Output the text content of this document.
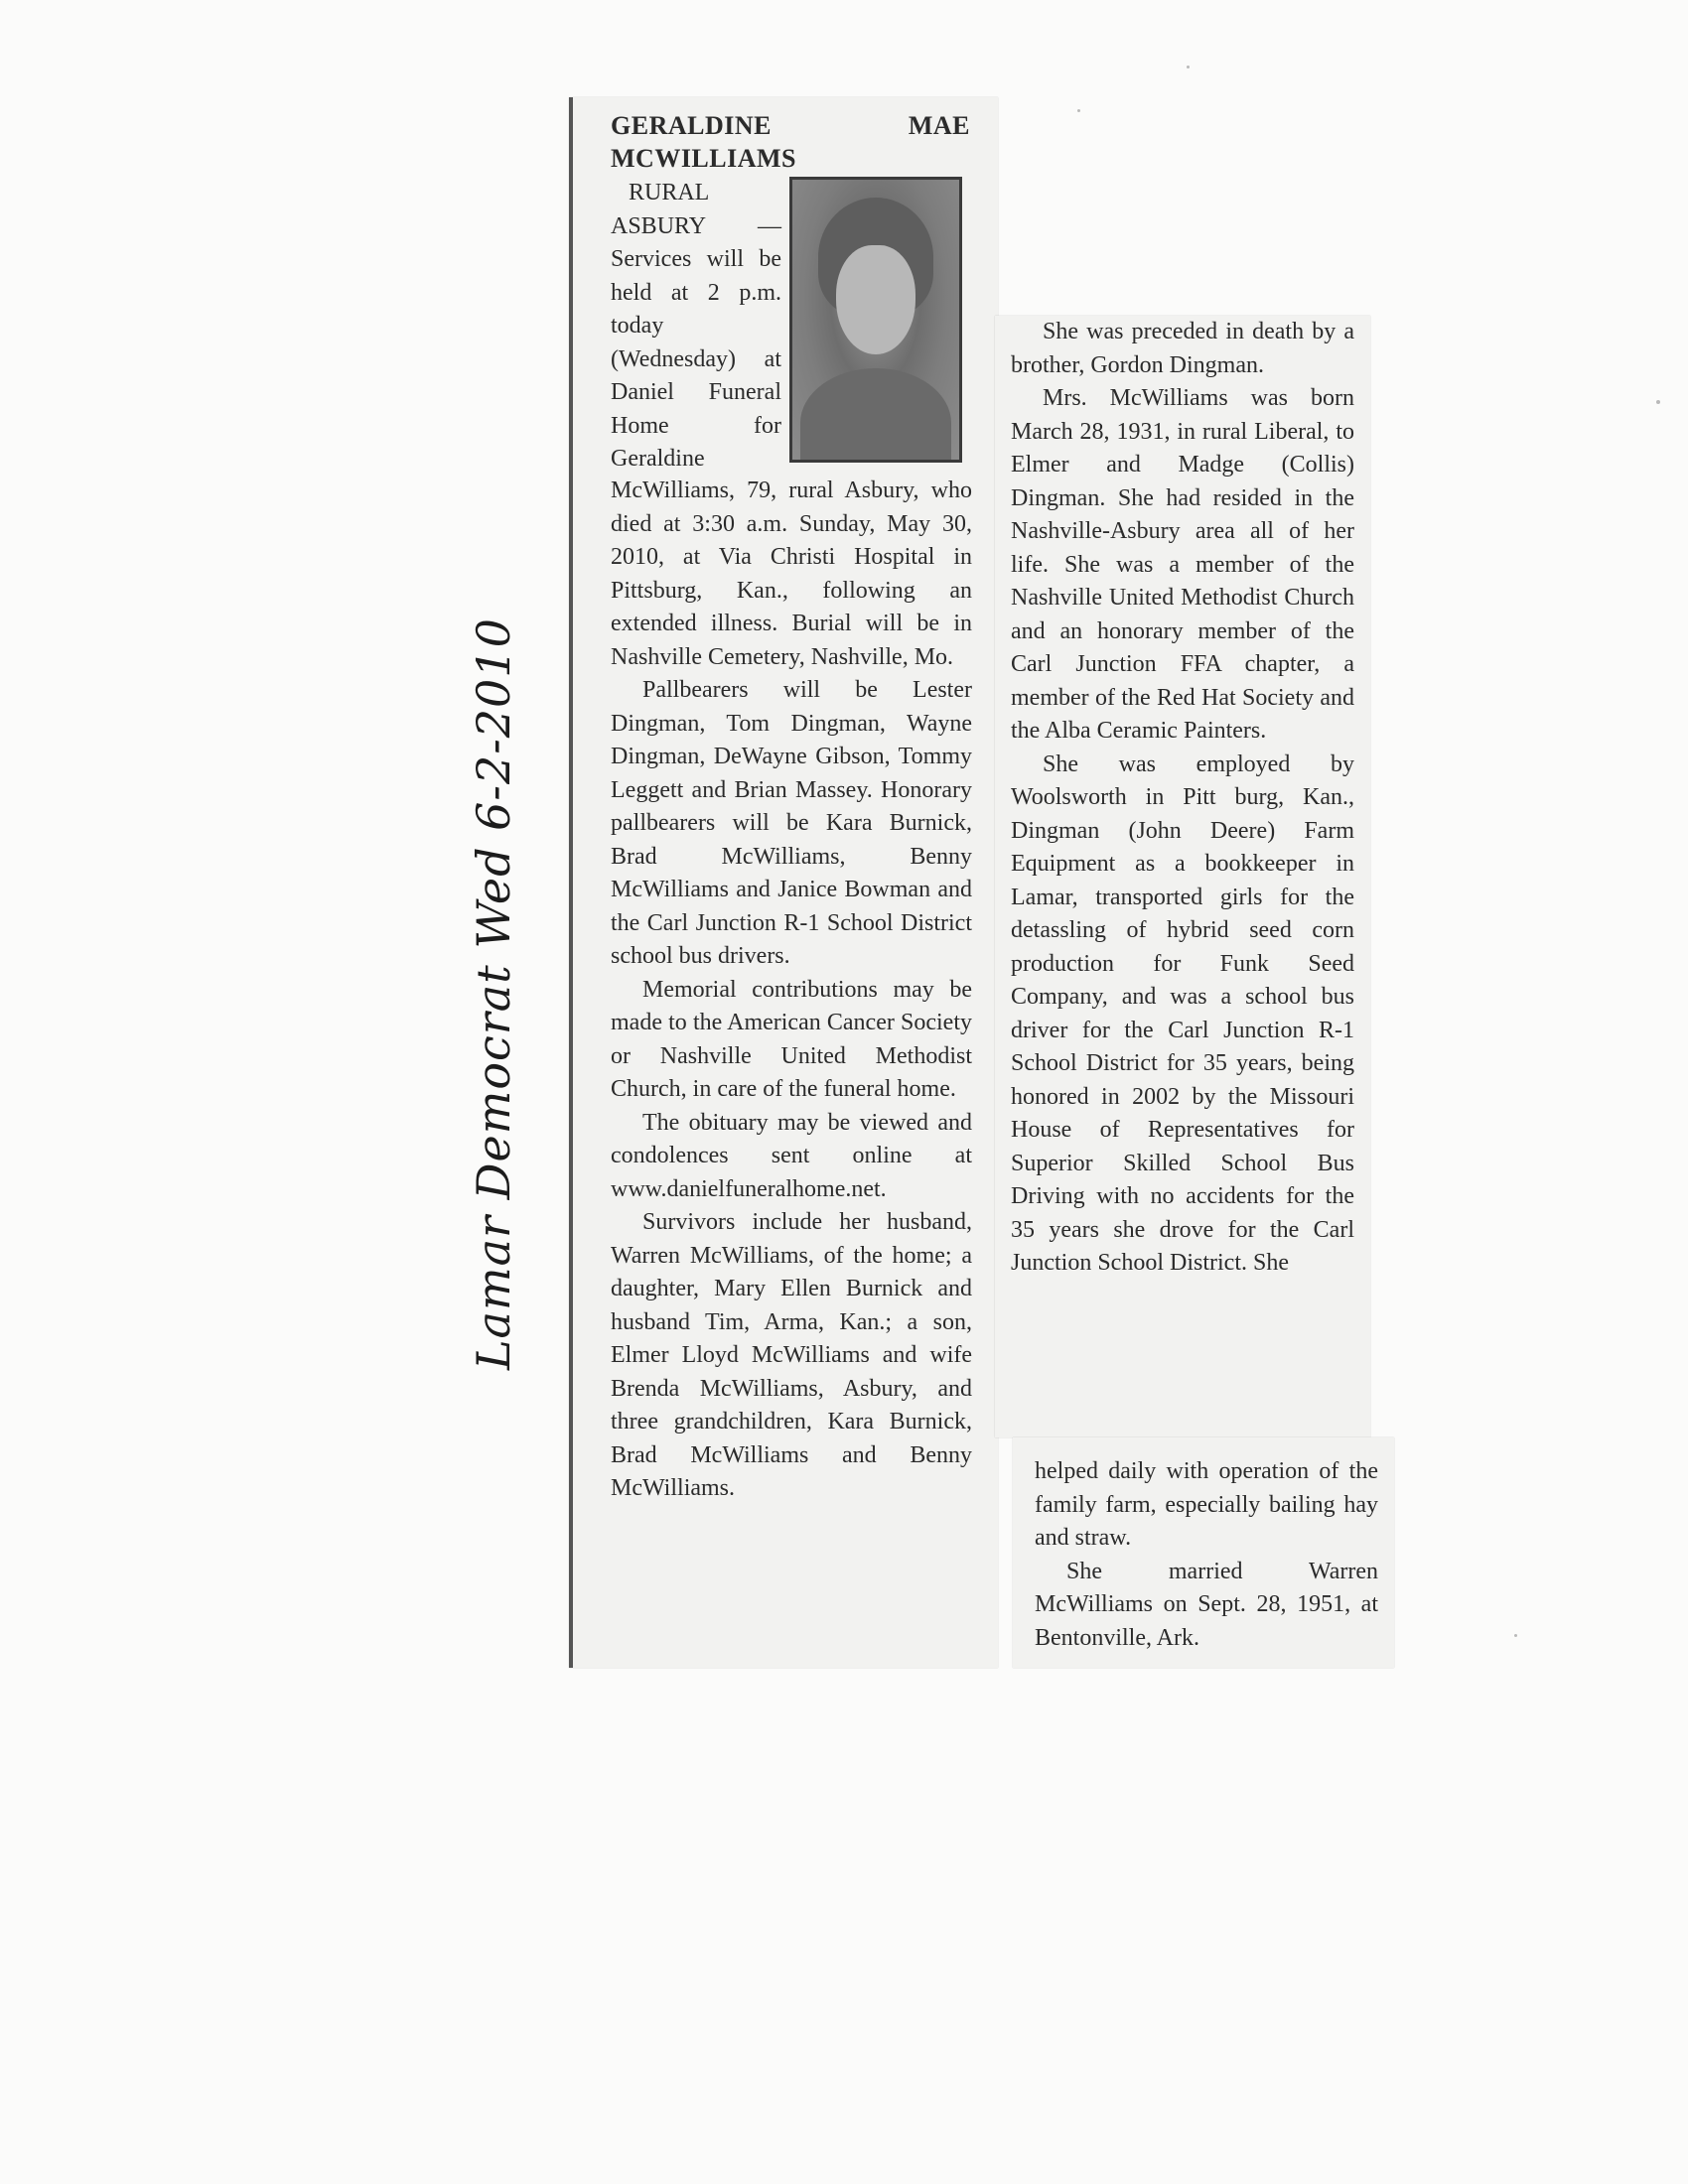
Lamar Democrat Wed 6-2-2010
GERALDINE	MAE
MCWILLIAMS

RURAL ASBURY — Services will be held at 2 p.m. today (Wednesday) at Daniel Funeral Home for Geraldine

McWilliams, 79, rural Asbury, who died at 3:30 a.m. Sunday, May 30, 2010, at Via Christi Hospital in Pittsburg, Kan., following an extended illness. Burial will be in Nashville Cemetery, Nashville, Mo.

Pallbearers will be Lester Dingman, Tom Dingman, Wayne Dingman, DeWayne Gibson, Tommy Leggett and Brian Massey. Honorary pallbearers will be Kara Burnick, Brad McWilliams, Benny McWilliams and Janice Bowman and the Carl Junction R-1 School District school bus drivers.

Memorial contributions may be made to the American Cancer Society or Nashville United Methodist Church, in care of the funeral home.

The obituary may be viewed and condolences sent online at www.danielfuneralhome.net.

Survivors include her husband, Warren McWilliams, of the home; a daughter, Mary Ellen Burnick and husband Tim, Arma, Kan.; a son, Elmer Lloyd McWilliams and wife Brenda McWilliams, Asbury, and three grandchildren, Kara Burnick, Brad McWilliams and Benny McWilliams.

She was preceded in death by a brother, Gordon Dingman.

Mrs. McWilliams was born March 28, 1931, in rural Liberal, to Elmer and Madge (Collis) Dingman. She had resided in the Nashville-Asbury area all of her life. She was a member of the Nashville United Methodist Church and an honorary member of the Carl Junction FFA chapter, a member of the Red Hat Society and the Alba Ceramic Painters.

She was employed by Woolsworth in Pitt burg, Kan., Dingman (John Deere) Farm Equipment as a bookkeeper in Lamar, transported girls for the detassling of hybrid seed corn production for Funk Seed Company, and was a school bus driver for the Carl Junction R-1 School District for 35 years, being honored in 2002 by the Missouri House of Representatives for Superior Skilled School Bus Driving with no accidents for the 35 years she drove for the Carl Junction School District. She

helped daily with operation of the family farm, especially bailing hay and straw.

She married Warren McWilliams on Sept. 28, 1951, at Bentonville, Ark.
